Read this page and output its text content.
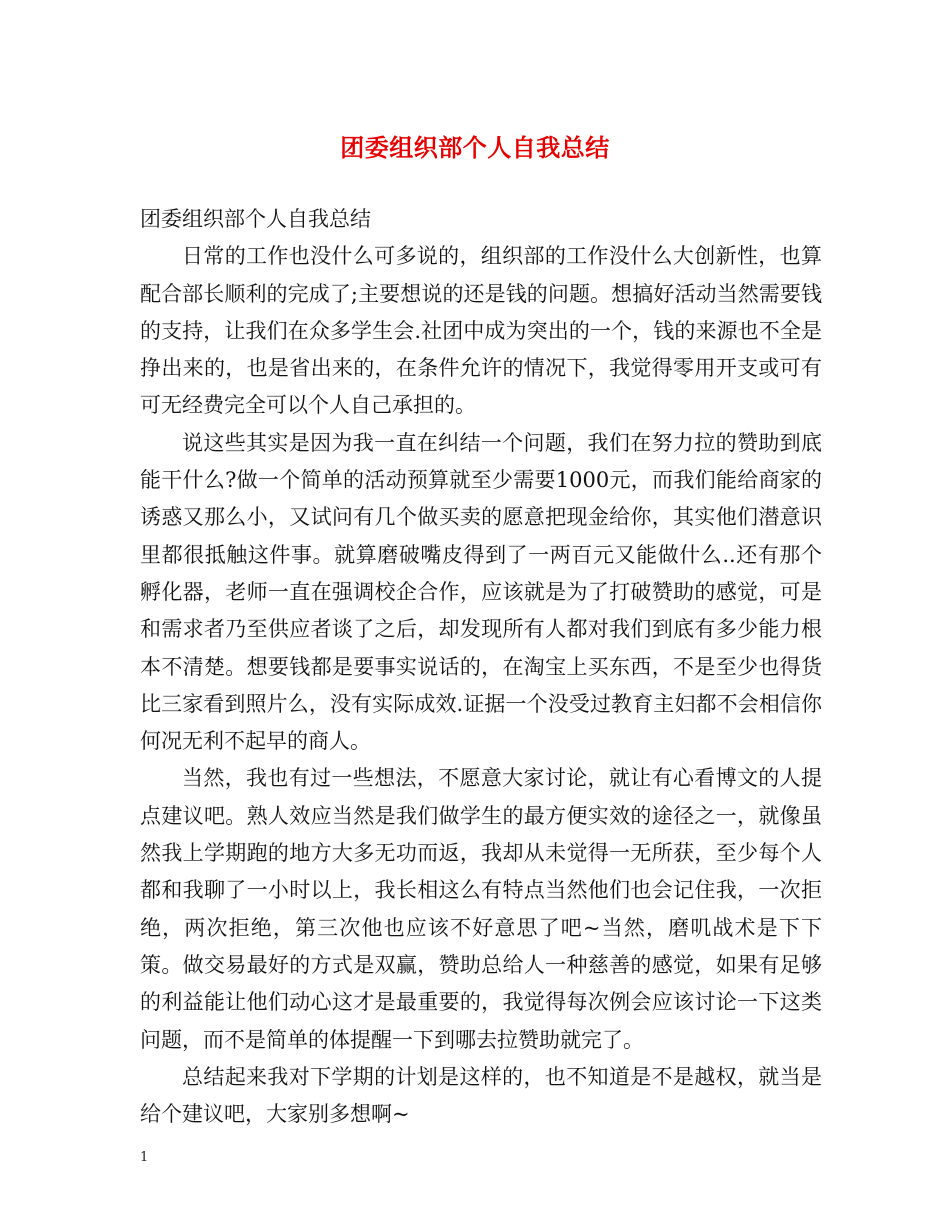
团委组织部个人自我总结

团委组织部个人自我总结

日常的工作也没什么可多说的，组织部的工作没什么大创新性，也算配合部长顺利的完成了;主要想说的还是钱的问题。想搞好活动当然需要钱的支持，让我们在众多学生会.社团中成为突出的一个，钱的来源也不全是挣出来的，也是省出来的，在条件允许的情况下，我觉得零用开支或可有可无经费完全可以个人自己承担的。

说这些其实是因为我一直在纠结一个问题，我们在努力拉的赞助到底能干什么?做一个简单的活动预算就至少需要1000元，而我们能给商家的诱惑又那么小，又试问有几个做买卖的愿意把现金给你，其实他们潜意识里都很抵触这件事。就算磨破嘴皮得到了一两百元又能做什么..还有那个孵化器，老师一直在强调校企合作，应该就是为了打破赞助的感觉，可是和需求者乃至供应者谈了之后，却发现所有人都对我们到底有多少能力根本不清楚。想要钱都是要事实说话的，在淘宝上买东西，不是至少也得货比三家看到照片么，没有实际成效.证据一个没受过教育主妇都不会相信你何况无利不起早的商人。

当然，我也有过一些想法，不愿意大家讨论，就让有心看博文的人提点建议吧。熟人效应当然是我们做学生的最方便实效的途径之一，就像虽然我上学期跑的地方大多无功而返，我却从未觉得一无所获，至少每个人都和我聊了一小时以上，我长相这么有特点当然他们也会记住我，一次拒绝，两次拒绝，第三次他也应该不好意思了吧~当然，磨叽战术是下下策。做交易最好的方式是双赢，赞助总给人一种慈善的感觉，如果有足够的利益能让他们动心这才是最重要的，我觉得每次例会应该讨论一下这类问题，而不是简单的体提醒一下到哪去拉赞助就完了。

总结起来我对下学期的计划是这样的，也不知道是不是越权，就当是给个建议吧，大家别多想啊~

1
